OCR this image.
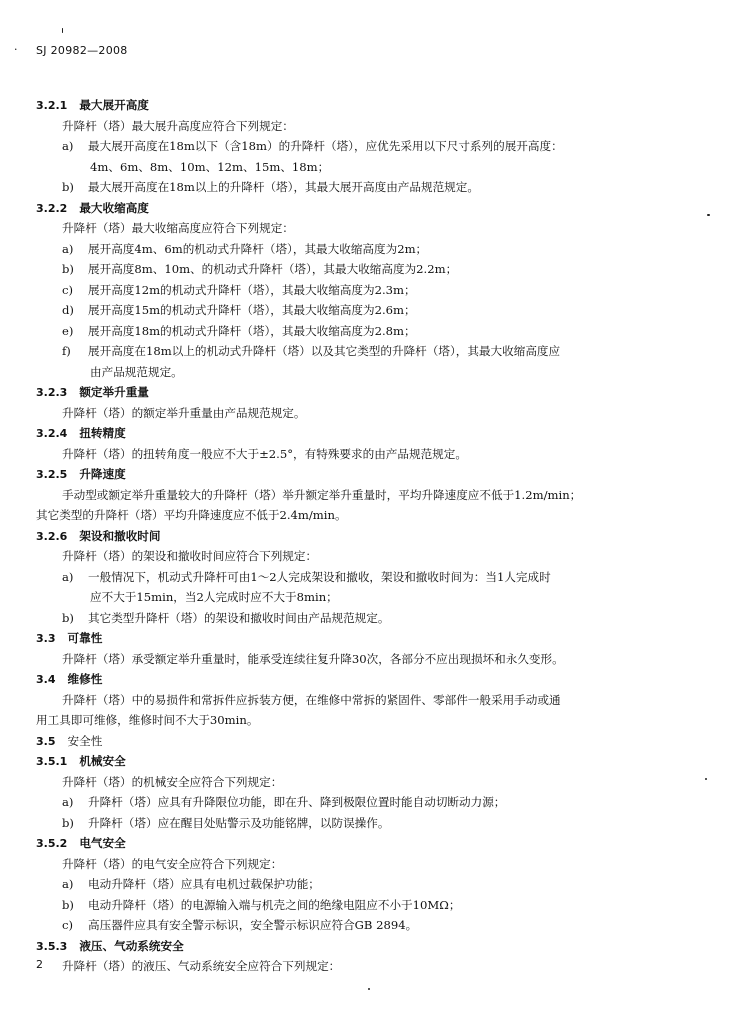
· SJ 20982—2008
3.2.1 最大展开高度
升降杆（塔）最大展升高度应符合下列规定：
a) 最大展开高度在18m以下（含18m）的升降杆（塔），应优先采用以下尺寸系列的展开高度：
4m、6m、8m、10m、12m、15m、18m；
b) 最大展开高度在18m以上的升降杆（塔），其最大展开高度由产品规范规定。
3.2.2 最大收缩高度
升降杆（塔）最大收缩高度应符合下列规定：
a) 展开高度4m、6m的机动式升降杆（塔），其最大收缩高度为2m；
b) 展开高度8m、10m、的机动式升降杆（塔），其最大收缩高度为2.2m；
c) 展开高度12m的机动式升降杆（塔），其最大收缩高度为2.3m；
d) 展开高度15m的机动式升降杆（塔），其最大收缩高度为2.6m；
e) 展开高度18m的机动式升降杆（塔），其最大收缩高度为2.8m；
f) 展开高度在18m以上的机动式升降杆（塔）以及其它类型的升降杆（塔），其最大收缩高度应
由产品规范规定。
3.2.3 额定举升重量
升降杆（塔）的额定举升重量由产品规范规定。
3.2.4 扭转精度
升降杆（塔）的扭转角度一般应不大于±2.5°，有特殊要求的由产品规范规定。
3.2.5 升降速度
手动型或额定举升重量较大的升降杆（塔）举升额定举升重量时，平均升降速度应不低于1.2m/min；
其它类型的升降杆（塔）平均升降速度应不低于2.4m/min。
3.2.6 架设和撤收时间
升降杆（塔）的架设和撤收时间应符合下列规定：
a) 一般情况下，机动式升降杆可由1～2人完成架设和撤收，架设和撤收时间为：当1人完成时
应不大于15min，当2人完成时应不大于8min；
b) 其它类型升降杆（塔）的架设和撤收时间由产品规范规定。
3.3 可靠性
升降杆（塔）承受额定举升重量时，能承受连续往复升降30次，各部分不应出现损坏和永久变形。
3.4 维修性
升降杆（塔）中的易损件和常拆件应拆装方便，在维修中常拆的紧固件、零部件一般采用手动或通
用工具即可维修，维修时间不大于30min。
3.5 安全性
3.5.1 机械安全
升降杆（塔）的机械安全应符合下列规定：
a) 升降杆（塔）应具有升降限位功能，即在升、降到极限位置时能自动切断动力源；
b) 升降杆（塔）应在醒目处贴警示及功能铭牌，以防误操作。
3.5.2 电气安全
升降杆（塔）的电气安全应符合下列规定：
a) 电动升降杆（塔）应具有电机过载保护功能；
b) 电动升降杆（塔）的电源输入端与机壳之间的绝缘电阻应不小于10MΩ；
c) 高压器件应具有安全警示标识，安全警示标识应符合GB 2894。
3.5.3 液压、气动系统安全
升降杆（塔）的液压、气动系统安全应符合下列规定：
2
